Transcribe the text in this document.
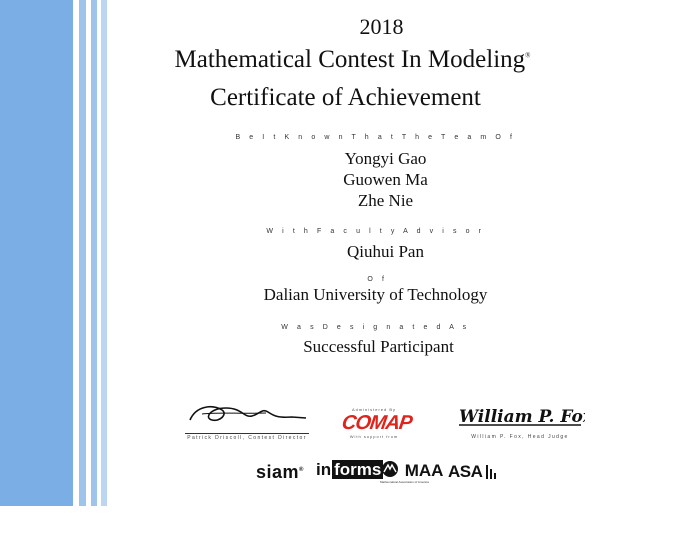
2018
Mathematical Contest In Modeling®
Certificate of Achievement
B e I t K n o w n T h a t T h e T e a m O f
Yongyi Gao
Guowen Ma
Zhe Nie
W i t h F a c u l t y A d v i s o r
Qiuhui Pan
O f
Dalian University of Technology
W a s D e s i g n a t e d A s
Successful Participant
Patrick Driscoll, Contest Director
Administered By
COMAP
With support from
William P. Fox
William P. Fox, Head Judge
siam® in forms	MAA
Mathematical Association of America
ASA
